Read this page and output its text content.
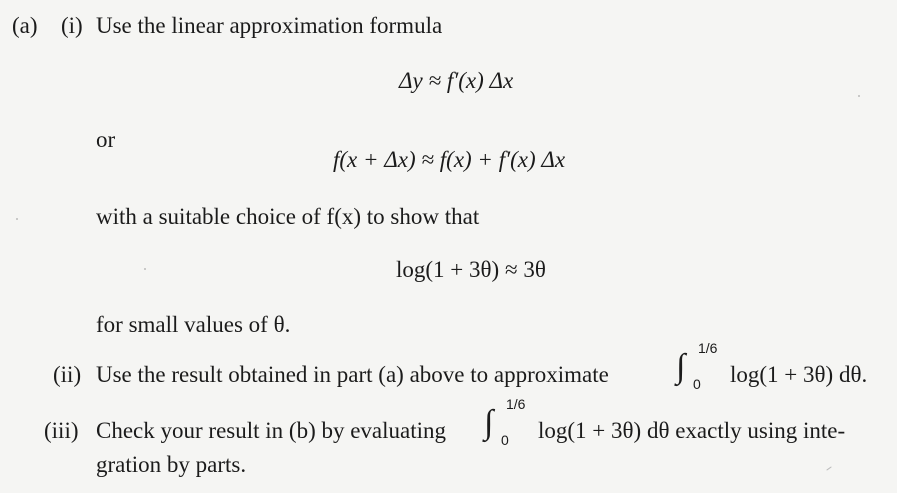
(a) (i) Use the linear approximation formula
Δy ≈ f′(x) Δx
or
f(x + Δx) ≈ f(x) + f′(x) Δx
with a suitable choice of f(x) to show that
log(1 + 3θ) ≈ 3θ
for small values of θ.
(ii) Use the result obtained in part (a) above to approximate ∫ 1/6
0 log(1 + 3θ) dθ.
(iii) Check your result in (b) by evaluating ∫ 1/6
0 log(1 + 3θ) dθ exactly using inte-
gration by parts.
